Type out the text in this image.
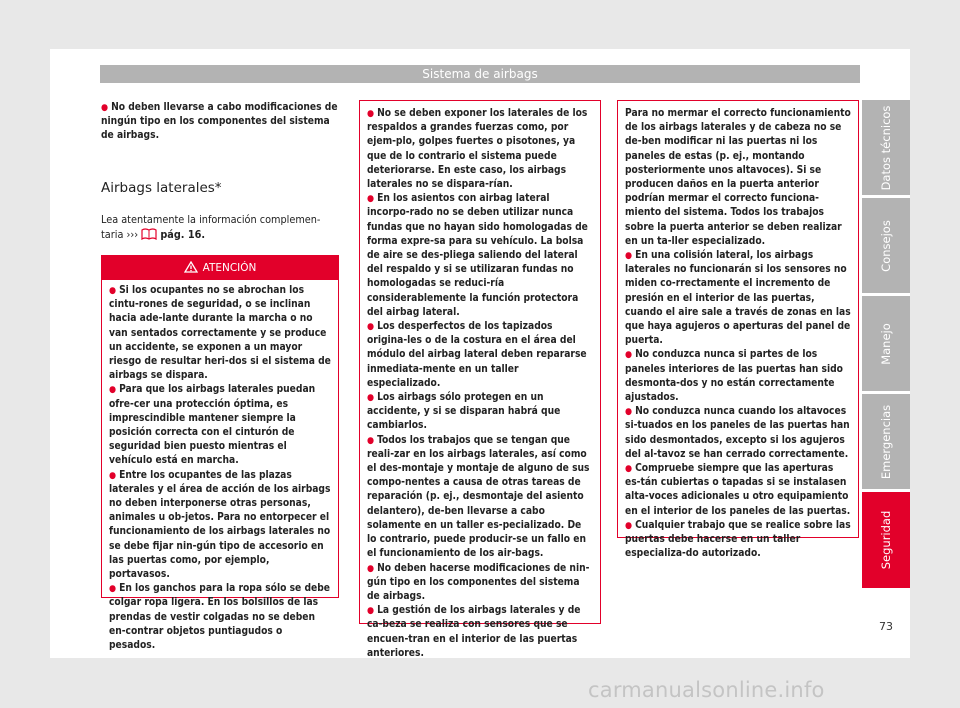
Sistema de airbags

● No deben llevarse a cabo modificaciones de ningún tipo en los componentes del sistema de airbags.

Airbags laterales*
Lea atentamente la información complemen-taria ››› pág. 16.
ATENCIÓN

● Si los ocupantes no se abrochan los cintu-rones de seguridad, o se inclinan hacia ade-lante durante la marcha o no van sentados correctamente y se produce un accidente, se exponen a un mayor riesgo de resultar heri-dos si el sistema de airbags se dispara.

● Para que los airbags laterales puedan ofre-cer una protección óptima, es imprescindible mantener siempre la posición correcta con el cinturón de seguridad bien puesto mientras el vehículo está en marcha.

● Entre los ocupantes de las plazas laterales y el área de acción de los airbags no deben interponerse otras personas, animales u ob-jetos. Para no entorpecer el funcionamiento de los airbags laterales no se debe fijar nin-gún tipo de accesorio en las puertas como, por ejemplo, portavasos.

● En los ganchos para la ropa sólo se debe colgar ropa ligera. En los bolsillos de las prendas de vestir colgadas no se deben en-contrar objetos puntiagudos o pesados.

● No se deben exponer los laterales de los respaldos a grandes fuerzas como, por ejem-plo, golpes fuertes o pisotones, ya que de lo contrario el sistema puede deteriorarse. En este caso, los airbags laterales no se dispara-rían.

● En los asientos con airbag lateral incorpo-rado no se deben utilizar nunca fundas que no hayan sido homologadas de forma expre-sa para su vehículo. La bolsa de aire se des-pliega saliendo del lateral del respaldo y si se utilizaran fundas no homologadas se reduci-ría considerablemente la función protectora del airbag lateral.

● Los desperfectos de los tapizados origina-les o de la costura en el área del módulo del airbag lateral deben repararse inmediata-mente en un taller especializado.

● Los airbags sólo protegen en un accidente, y si se disparan habrá que cambiarlos.

● Todos los trabajos que se tengan que reali-zar en los airbags laterales, así como el des-montaje y montaje de alguno de sus compo-nentes a causa de otras tareas de reparación (p. ej., desmontaje del asiento delantero), de-ben llevarse a cabo solamente en un taller es-pecializado. De lo contrario, puede producir-se un fallo en el funcionamiento de los air-bags.

● No deben hacerse modificaciones de nin-gún tipo en los componentes del sistema de airbags.

● La gestión de los airbags laterales y de ca-beza se realiza con sensores que se encuen-tran en el interior de las puertas anteriores.

Para no mermar el correcto funcionamiento de los airbags laterales y de cabeza no se de-ben modificar ni las puertas ni los paneles de estas (p. ej., montando posteriormente unos altavoces). Si se producen daños en la puerta anterior podrían mermar el correcto funciona-miento del sistema. Todos los trabajos sobre la puerta anterior se deben realizar en un ta-ller especializado.

● En una colisión lateral, los airbags laterales no funcionarán si los sensores no miden co-rrectamente el incremento de presión en el interior de las puertas, cuando el aire sale a través de zonas en las que haya agujeros o aperturas del panel de puerta.

● No conduzca nunca si partes de los paneles interiores de las puertas han sido desmonta-dos y no están correctamente ajustados.

● No conduzca nunca cuando los altavoces si-tuados en los paneles de las puertas han sido desmontados, excepto si los agujeros del al-tavoz se han cerrado correctamente.

● Compruebe siempre que las aperturas es-tán cubiertas o tapadas si se instalasen alta-voces adicionales u otro equipamiento en el interior de los paneles de las puertas.

● Cualquier trabajo que se realice sobre las puertas debe hacerse en un taller especializa-do autorizado.

Datos técnicos
Consejos
Manejo
Emergencias
Seguridad
73
carmanualsonline.info
